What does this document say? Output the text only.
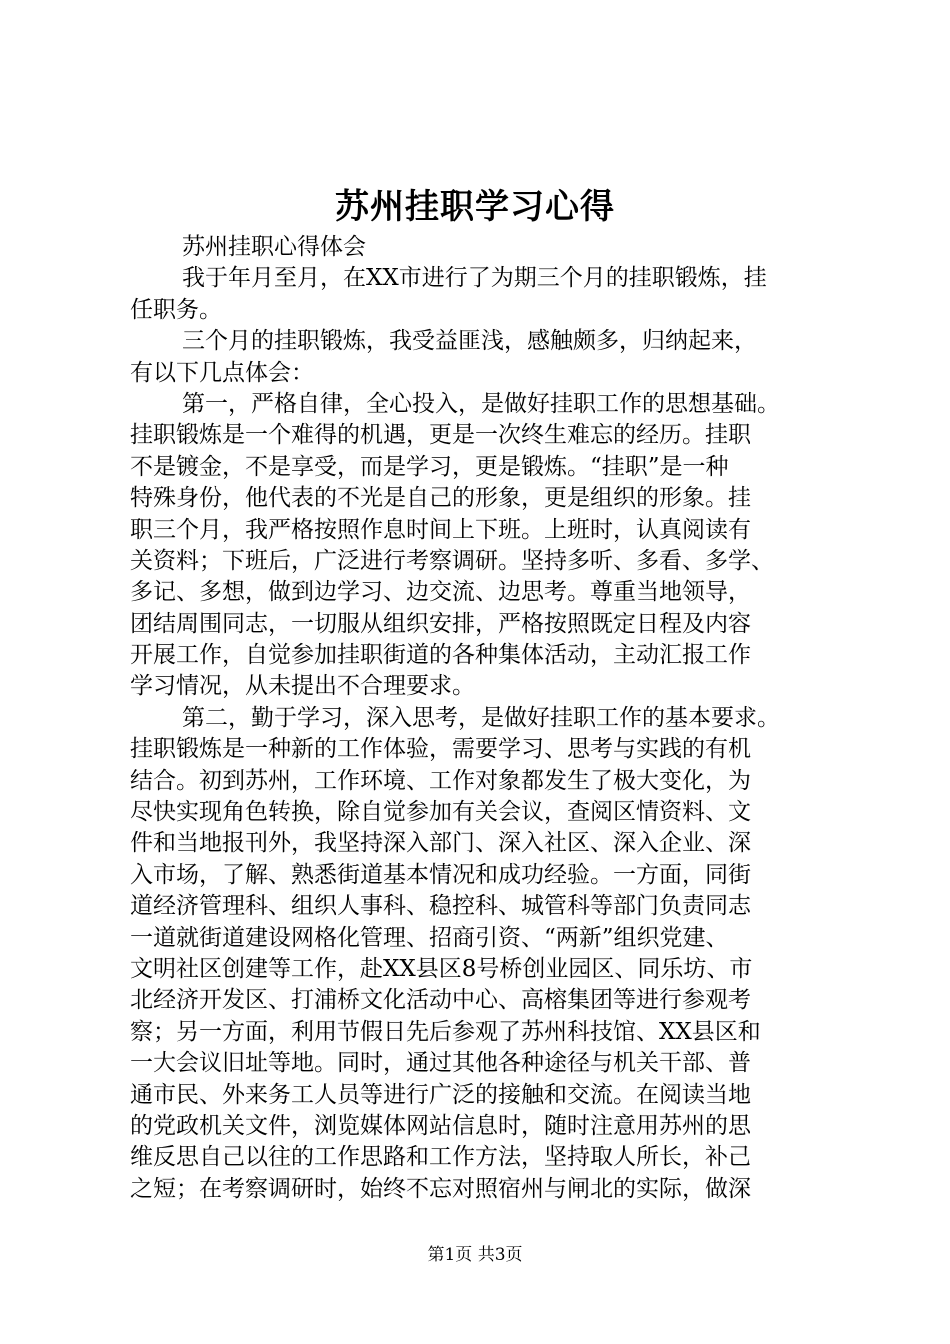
苏州挂职学习心得
苏州挂职心得体会
我于年月至月，在XX市进行了为期三个月的挂职锻炼，挂
任职务。
三个月的挂职锻炼，我受益匪浅，感触颇多，归纳起来，
有以下几点体会：
第一，严格自律，全心投入，是做好挂职工作的思想基础。
挂职锻炼是一个难得的机遇，更是一次终生难忘的经历。挂职
不是镀金，不是享受，而是学习，更是锻炼。“挂职”是一种
特殊身份，他代表的不光是自己的形象，更是组织的形象。挂
职三个月，我严格按照作息时间上下班。上班时，认真阅读有
关资料；下班后，广泛进行考察调研。坚持多听、多看、多学、
多记、多想，做到边学习、边交流、边思考。尊重当地领导，
团结周围同志，一切服从组织安排，严格按照既定日程及内容
开展工作，自觉参加挂职街道的各种集体活动，主动汇报工作
学习情况，从未提出不合理要求。
第二，勤于学习，深入思考，是做好挂职工作的基本要求。
挂职锻炼是一种新的工作体验，需要学习、思考与实践的有机
结合。初到苏州，工作环境、工作对象都发生了极大变化，为
尽快实现角色转换，除自觉参加有关会议，查阅区情资料、文
件和当地报刊外，我坚持深入部门、深入社区、深入企业、深
入市场，了解、熟悉街道基本情况和成功经验。一方面，同街
道经济管理科、组织人事科、稳控科、城管科等部门负责同志
一道就街道建设网格化管理、招商引资、“两新”组织党建、
文明社区创建等工作，赴XX县区8号桥创业园区、同乐坊、市
北经济开发区、打浦桥文化活动中心、高榕集团等进行参观考
察；另一方面，利用节假日先后参观了苏州科技馆、XX县区和
一大会议旧址等地。同时，通过其他各种途径与机关干部、普
通市民、外来务工人员等进行广泛的接触和交流。在阅读当地
的党政机关文件，浏览媒体网站信息时，随时注意用苏州的思
维反思自己以往的工作思路和工作方法，坚持取人所长，补己
之短；在考察调研时，始终不忘对照宿州与闸北的实际，做深
第1页 共3页
